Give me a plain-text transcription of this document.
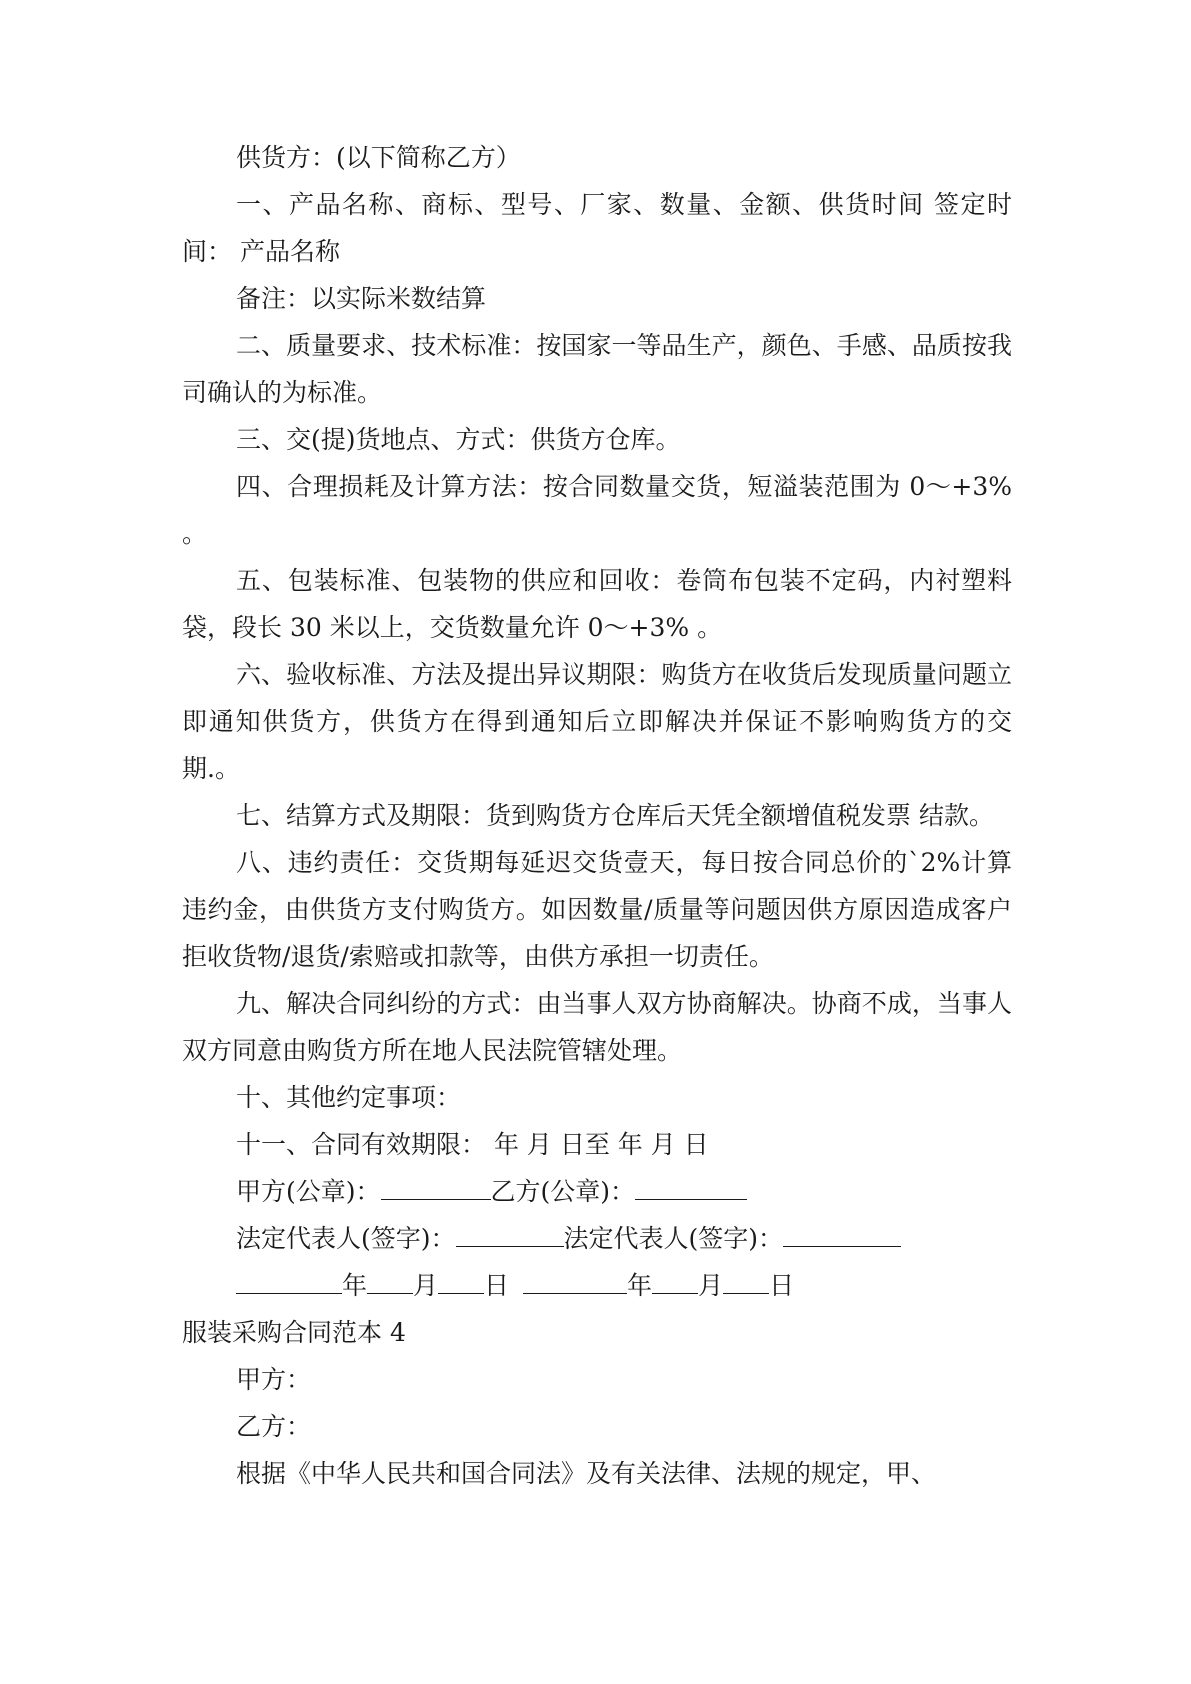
供货方：(以下简称乙方）

一、产品名称、商标、型号、厂家、数量、金额、供货时间 签定时间： 产品名称

备注：以实际米数结算

二、质量要求、技术标准：按国家一等品生产，颜色、手感、品质按我司确认的为标准。

三、交(提)货地点、方式：供货方仓库。

四、合理损耗及计算方法：按合同数量交货，短溢装范围为 0～+3% 。

五、包装标准、包装物的供应和回收：卷筒布包装不定码，内衬塑料袋，段长 30 米以上，交货数量允许 0～+3% 。

六、验收标准、方法及提出异议期限：购货方在收货后发现质量问题立即通知供货方，供货方在得到通知后立即解决并保证不影响购货方的交期.。

七、结算方式及期限：货到购货方仓库后天凭全额增值税发票 结款。

八、违约责任：交货期每延迟交货壹天，每日按合同总价的`2%计算违约金，由供货方支付购货方。如因数量/质量等问题因供方原因造成客户拒收货物/退货/索赔或扣款等，由供方承担一切责任。

九、解决合同纠纷的方式：由当事人双方协商解决。协商不成，当事人双方同意由购货方所在地人民法院管辖处理。

十、其他约定事项：

十一、合同有效期限： 年 月 日至 年 月 日

甲方(公章)：	乙方(公章)：

法定代表人(签字)：	法定代表人(签字)：

年 月 日	年 月 日

服装采购合同范本 4

甲方：

乙方：

根据《中华人民共和国合同法》及有关法律、法规的规定，甲、
